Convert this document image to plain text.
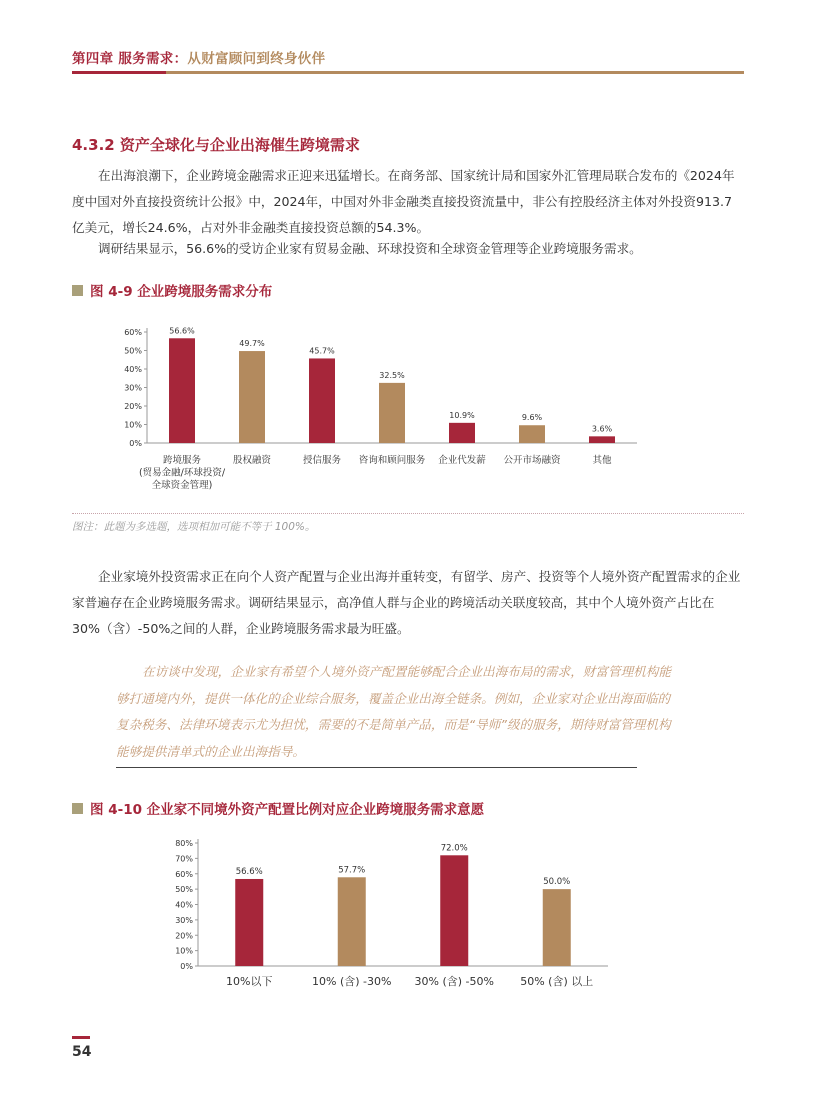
第四章 服务需求：从财富顾问到终身伙伴
4.3.2 资产全球化与企业出海催生跨境需求

在出海浪潮下，企业跨境金融需求正迎来迅猛增长。在商务部、国家统计局和国家外汇管理局联合发布的《2024年度中国对外直接投资统计公报》中，2024年，中国对外非金融类直接投资流量中，非公有控股经济主体对外投资913.7亿美元，增长24.6%，占对外非金融类直接投资总额的54.3%。

调研结果显示，56.6%的受访企业家有贸易金融、环球投资和全球资金管理等企业跨境服务需求。

图 4-9 企业跨境服务需求分布
0%
10%
20%
30%
40%
50%
60%	56.6%
跨境服务
(贸易金融/环球投资/
全球资金管理)
49.7%
股权融资
45.7%
授信服务
32.5%
咨询和顾问服务
10.9%
企业代发薪
9.6%
公开市场融资
3.6%
其他
图注：此题为多选题，选项相加可能不等于 100%。

企业家境外投资需求正在向个人资产配置与企业出海并重转变，有留学、房产、投资等个人境外资产配置需求的企业家普遍存在企业跨境服务需求。调研结果显示，高净值人群与企业的跨境活动关联度较高，其中个人境外资产占比在30%（含）-50%之间的人群，企业跨境服务需求最为旺盛。

在访谈中发现，企业家有希望个人境外资产配置能够配合企业出海布局的需求，财富管理机构能够打通境内外，提供一体化的企业综合服务，覆盖企业出海全链条。例如，企业家对企业出海面临的复杂税务、法律环境表示尤为担忧，需要的不是简单产品，而是“导师”级的服务，期待财富管理机构能够提供清单式的企业出海指导。

图 4-10 企业家不同境外资产配置比例对应企业跨境服务需求意愿
0%
10%
20%
30%
40%
50%
60%
70%
80%
56.6%
10%以下
57.7%
10% (含) -30%
72.0%
30% (含) -50%
50.0%
50% (含) 以上
54
